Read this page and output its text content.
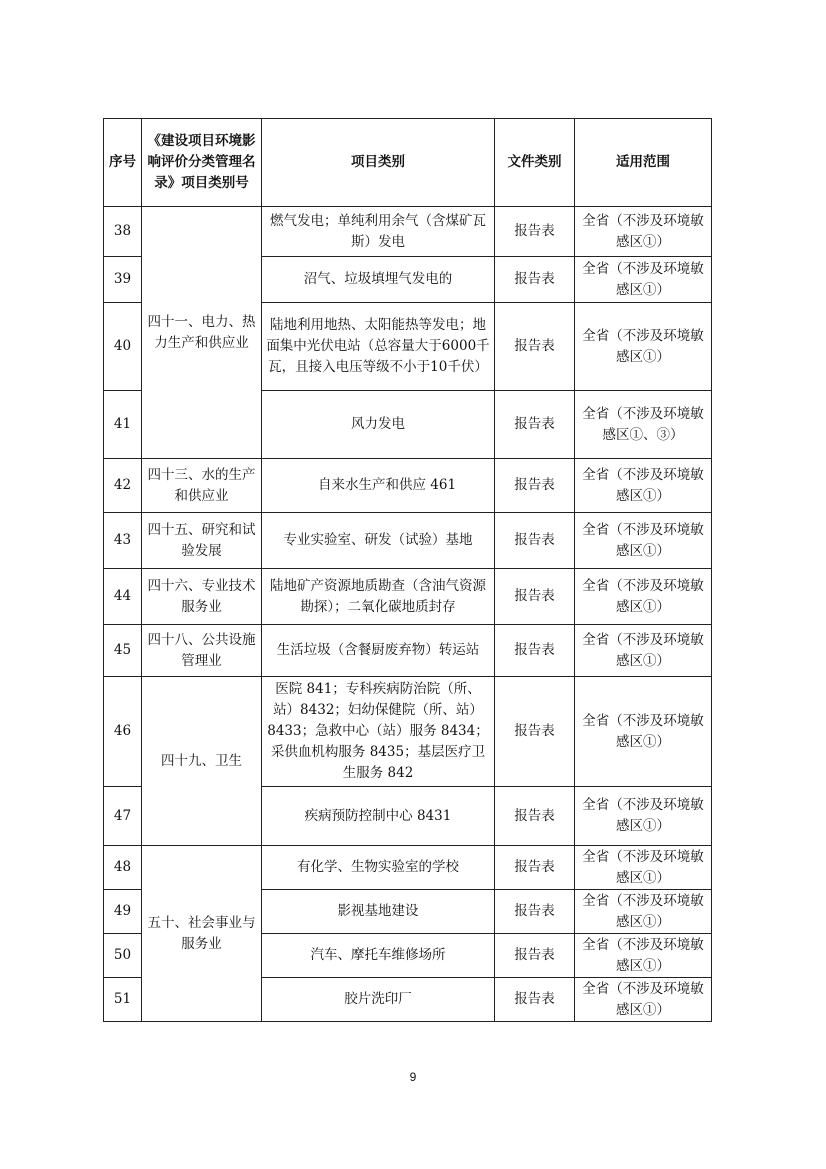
序号	《建设项目环境影响评价分类管理名录》项目类别号	项目类别	文件类别	适用范围
38	四十一、电力、热力生产和供应业	燃气发电；单纯利用余气（含煤矿瓦斯）发电	报告表	全省（不涉及环境敏感区①）
39		沼气、垃圾填埋气发电的	报告表	全省（不涉及环境敏感区①）
40		陆地利用地热、太阳能热等发电；地面集中光伏电站（总容量大于6000千瓦，且接入电压等级不小于10千伏）	报告表	全省（不涉及环境敏感区①）
41		风力发电	报告表	全省（不涉及环境敏感区①、③）
42	四十三、水的生产和供应业	自来水生产和供应 461	报告表	全省（不涉及环境敏感区①）
43	四十五、研究和试验发展	专业实验室、研发（试验）基地	报告表	全省（不涉及环境敏感区①）
44	四十六、专业技术服务业	陆地矿产资源地质勘查（含油气资源勘探）；二氧化碳地质封存	报告表	全省（不涉及环境敏感区①）
45	四十八、公共设施管理业	生活垃圾（含餐厨废弃物）转运站	报告表	全省（不涉及环境敏感区①）
46	四十九、卫生	医院 841；专科疾病防治院（所、站）8432；妇幼保健院（所、站）8433；急救中心（站）服务 8434；采供血机构服务 8435；基层医疗卫生服务 842	报告表	全省（不涉及环境敏感区①）
47		疾病预防控制中心 8431	报告表	全省（不涉及环境敏感区①）
48	五十、社会事业与服务业	有化学、生物实验室的学校	报告表	全省（不涉及环境敏感区①）
49		影视基地建设	报告表	全省（不涉及环境敏感区①）
50		汽车、摩托车维修场所	报告表	全省（不涉及环境敏感区①）
51		胶片洗印厂	报告表	全省（不涉及环境敏感区①）
9
